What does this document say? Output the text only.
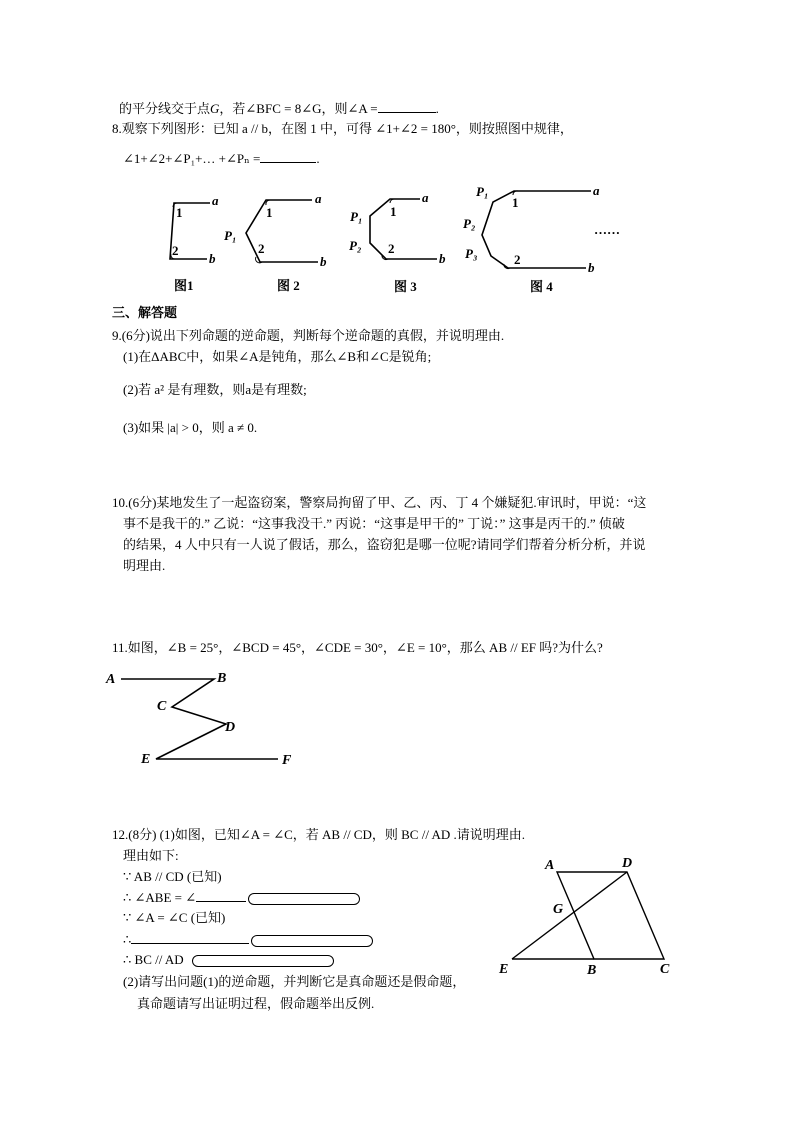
的平分线交于点G，若∠BFC = 8∠G，则∠A =	.
8.观察下列图形：已知 a // b，在图 1 中，可得 ∠1+∠2 = 180°，则按照图中规律，
∠1+∠2+∠P₁+… +∠Pₙ =	.
a
b
1
2
a
b
1
2
P₁
a
b
1
2
P₁
P₂
a
b
1
2
P₁
P₂
P₃
……
图1	图 2	图 3	图 4
三、解答题
9.(6分)说出下列命题的逆命题，判断每个逆命题的真假，并说明理由.
(1)在ΔABC中，如果∠A是钝角，那么∠B和∠C是锐角;
(2)若 a² 是有理数，则a是有理数;
(3)如果 |a| > 0，则 a ≠ 0.
10.(6分)某地发生了一起盗窃案，警察局拘留了甲、乙、丙、丁 4 个嫌疑犯.审讯时，甲说：“这
事不是我干的.” 乙说：“这事我没干.” 丙说：“这事是甲干的” 丁说：” 这事是丙干的.” 侦破
的结果，4 人中只有一人说了假话，那么，盗窃犯是哪一位呢?请同学们帮着分析分析，并说
明理由.
11.如图，∠B = 25°，∠BCD = 45°，∠CDE = 30°，∠E = 10°，那么 AB // EF 吗?为什么?
A	B
C
D
E	F
12.(8分) (1)如图，已知∠A = ∠C，若 AB // CD，则 BC // AD .请说明理由.
理由如下:
∵ AB // CD (已知)
∴ ∠ABE = ∠
∵ ∠A = ∠C (已知)
∴
∴ BC // AD
(2)请写出问题(1)的逆命题，并判断它是真命题还是假命题，
真命题请写出证明过程，假命题举出反例.
A	D
G
E	B	C
